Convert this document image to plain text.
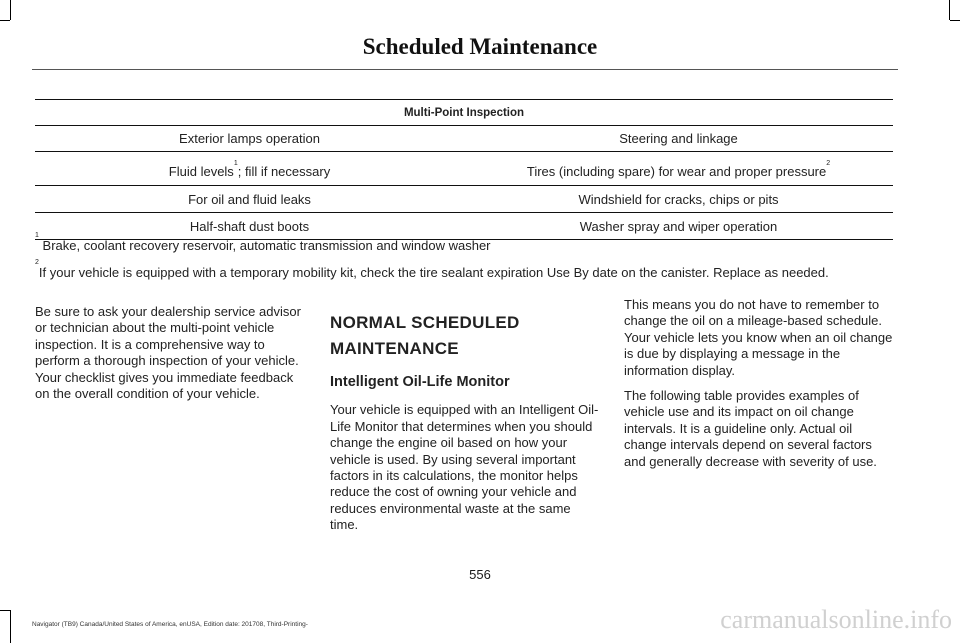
Scheduled Maintenance
Multi-Point Inspection	
Exterior lamps operation	Steering and linkage
Fluid levels$^1$; fill if necessary	Tires (including spare) for wear and proper pressure$^2$
For oil and fluid leaks	Windshield for cracks, chips or pits
Half-shaft dust boots	Washer spray and wiper operation
$^1$ Brake, coolant recovery reservoir, automatic transmission and window washer
$^2$If your vehicle is equipped with a temporary mobility kit, check the tire sealant expiration Use By date on the canister. Replace as needed.

Be sure to ask your dealership service advisor or technician about the multi-point vehicle inspection. It is a comprehensive way to perform a thorough inspection of your vehicle. Your checklist gives you immediate feedback on the overall condition of your vehicle.

NORMAL SCHEDULED
MAINTENANCE
Intelligent Oil-Life Monitor

Your vehicle is equipped with an Intelligent Oil-Life Monitor that determines when you should change the engine oil based on how your vehicle is used. By using several important factors in its calculations, the monitor helps reduce the cost of owning your vehicle and reduces environmental waste at the same time.

This means you do not have to remember to change the oil on a mileage-based schedule. Your vehicle lets you know when an oil change is due by displaying a message in the information display.

The following table provides examples of vehicle use and its impact on oil change intervals. It is a guideline only. Actual oil change intervals depend on several factors and generally decrease with severity of use.

556
Navigator (TB9) Canada/United States of America, enUSA, Edition date: 201708, Third-Printing-	carmanualsonline.info
